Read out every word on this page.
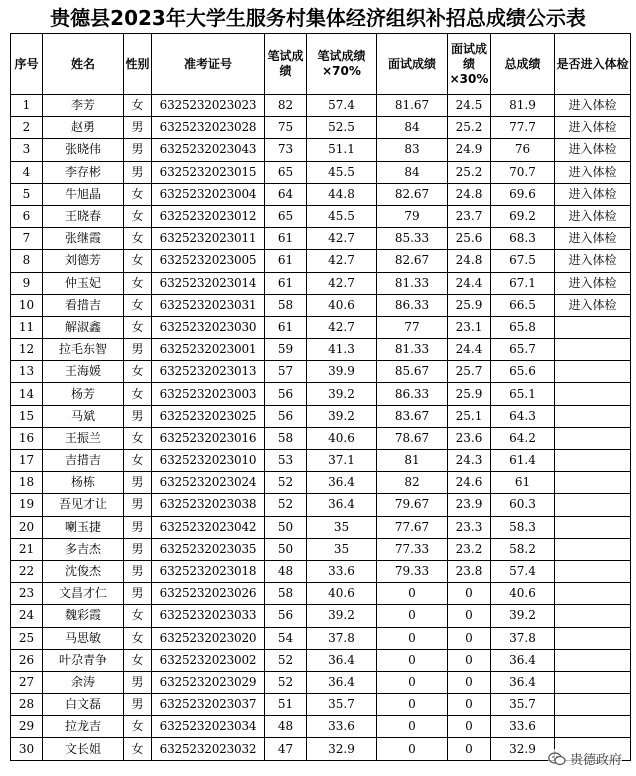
贵德县2023年大学生服务村集体经济组织补招总成绩公示表
序号	姓名	性别	准考证号	笔试成绩	笔试成绩×70%	面试成绩	面试成绩×30%	总成绩	是否进入体检
1	李芳	女	6325232023023	82	57.4	81.67	24.5	81.9	进入体检
2	赵勇	男	6325232023028	75	52.5	84	25.2	77.7	进入体检
3	张晓伟	男	6325232023043	73	51.1	83	24.9	76	进入体检
4	李存彬	男	6325232023015	65	45.5	84	25.2	70.7	进入体检
5	牛旭晶	女	6325232023004	64	44.8	82.67	24.8	69.6	进入体检
6	王晓春	女	6325232023012	65	45.5	79	23.7	69.2	进入体检
7	张继霞	女	6325232023011	61	42.7	85.33	25.6	68.3	进入体检
8	刘德芳	女	6325232023005	61	42.7	82.67	24.8	67.5	进入体检
9	仲玉妃	女	6325232023014	61	42.7	81.33	24.4	67.1	进入体检
10	看措吉	女	6325232023031	58	40.6	86.33	25.9	66.5	进入体检
11	解淑鑫	女	6325232023030	61	42.7	77	23.1	65.8	
12	拉毛东智	男	6325232023001	59	41.3	81.33	24.4	65.7	
13	王海媛	女	6325232023013	57	39.9	85.67	25.7	65.6	
14	杨芳	女	6325232023003	56	39.2	86.33	25.9	65.1	
15	马斌	男	6325232023025	56	39.2	83.67	25.1	64.3	
16	王振兰	女	6325232023016	58	40.6	78.67	23.6	64.2	
17	吉措吉	女	6325232023010	53	37.1	81	24.3	61.4	
18	杨栋	男	6325232023024	52	36.4	82	24.6	61	
19	吾见才让	男	6325232023038	52	36.4	79.67	23.9	60.3	
20	喇玉捷	男	6325232023042	50	35	77.67	23.3	58.3	
21	多吉杰	男	6325232023035	50	35	77.33	23.2	58.2	
22	沈俊杰	男	6325232023018	48	33.6	79.33	23.8	57.4	
23	文昌才仁	男	6325232023026	58	40.6	0	0	40.6	
24	魏彩霞	女	6325232023033	56	39.2	0	0	39.2	
25	马思敏	女	6325232023020	54	37.8	0	0	37.8	
26	叶尕青争	女	6325232023002	52	36.4	0	0	36.4	
27	余涛	男	6325232023029	52	36.4	0	0	36.4	
28	白文磊	男	6325232023037	51	35.7	0	0	35.7	
29	拉龙吉	女	6325232023034	48	33.6	0	0	33.6	
30	文长姐	女	6325232023032	47	32.9	0	0	32.9	
贵德政府
